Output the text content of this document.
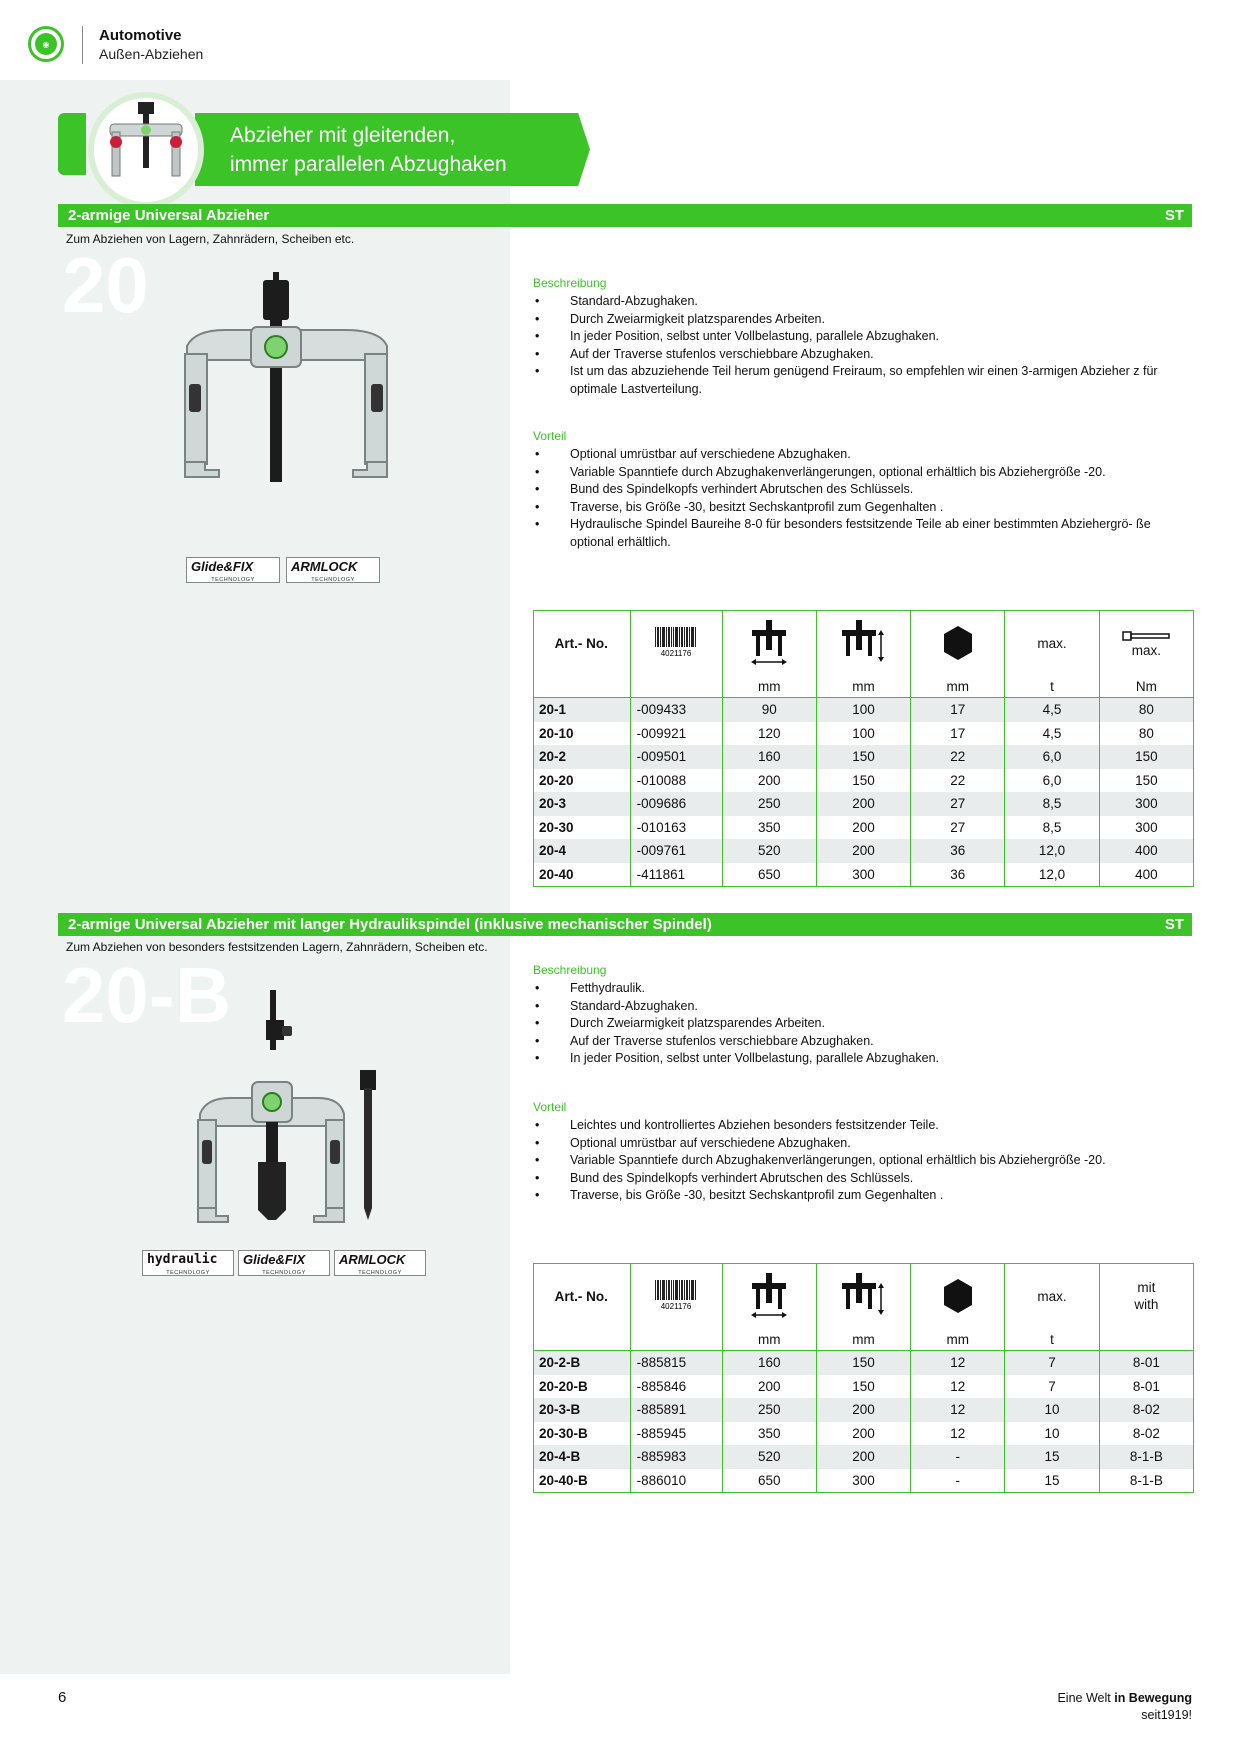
◉	Automotive
Außen-Abziehen
Abzieher mit gleitenden,
immer parallelen Abzughaken
2-armige Universal Abzieher	ST
Zum Abziehen von Lagern, Zahnrädern, Scheiben etc.
20
Glide&FIX
TECHNOLOGY
ARMLOCK
TECHNOLOGY
Beschreibung
• Standard-Abzughaken.
• Durch Zweiarmigkeit platzsparendes Arbeiten.
• In jeder Position, selbst unter Vollbelastung, parallele Abzughaken.
• Auf der Traverse stufenlos verschiebbare Abzughaken.
• Ist um das abzuziehende Teil herum genügend Freiraum, so empfehlen wir einen 3-armigen Abzieher z für optimale Lastverteilung.
Vorteil
• Optional umrüstbar auf verschiedene Abzughaken.
• Variable Spanntiefe durch Abzughakenverlängerungen, optional erhältlich bis Abziehergröße -20.
• Bund des Spindelkopfs verhindert Abrutschen des Schlüssels.
• Traverse, bis Größe -30, besitzt Sechskantprofil zum Gegenhalten .
• Hydraulische Spindel Baureihe 8-0 für besonders festsitzende Teile ab einer bestimmten Abziehergrö- ße optional erhältlich.
Art.- No.	4021176				max.	max.
		mm	mm	mm	t	Nm
20-1	-009433	90	100	17	4,5	80
20-10	-009921	120	100	17	4,5	80
20-2	-009501	160	150	22	6,0	150
20-20	-010088	200	150	22	6,0	150
20-3	-009686	250	200	27	8,5	300
20-30	-010163	350	200	27	8,5	300
20-4	-009761	520	200	36	12,0	400
20-40	-411861	650	300	36	12,0	400
2-armige Universal Abzieher mit langer Hydraulikspindel (inklusive mechanischer Spindel)	ST
Zum Abziehen von besonders festsitzenden Lagern, Zahnrädern, Scheiben etc.
20-B
hydraulic
TECHNOLOGY
Glide&FIX
TECHNOLOGY
ARMLOCK
TECHNOLOGY
Beschreibung
• Fetthydraulik.
• Standard-Abzughaken.
• Durch Zweiarmigkeit platzsparendes Arbeiten.
• Auf der Traverse stufenlos verschiebbare Abzughaken.
• In jeder Position, selbst unter Vollbelastung, parallele Abzughaken.
Vorteil
• Leichtes und kontrolliertes Abziehen besonders festsitzender Teile.
• Optional umrüstbar auf verschiedene Abzughaken.
• Variable Spanntiefe durch Abzughakenverlängerungen, optional erhältlich bis Abziehergröße -20.
• Bund des Spindelkopfs verhindert Abrutschen des Schlüssels.
• Traverse, bis Größe -30, besitzt Sechskantprofil zum Gegenhalten .
Art.- No.	4021176				max.	mit with
		mm	mm	mm	t	
20-2-B	-885815	160	150	12	7	8-01
20-20-B	-885846	200	150	12	7	8-01
20-3-B	-885891	250	200	12	10	8-02
20-30-B	-885945	350	200	12	10	8-02
20-4-B	-885983	520	200	-	15	8-1-B
20-40-B	-886010	650	300	-	15	8-1-B
6	Eine Welt in Bewegung
seit1919!
